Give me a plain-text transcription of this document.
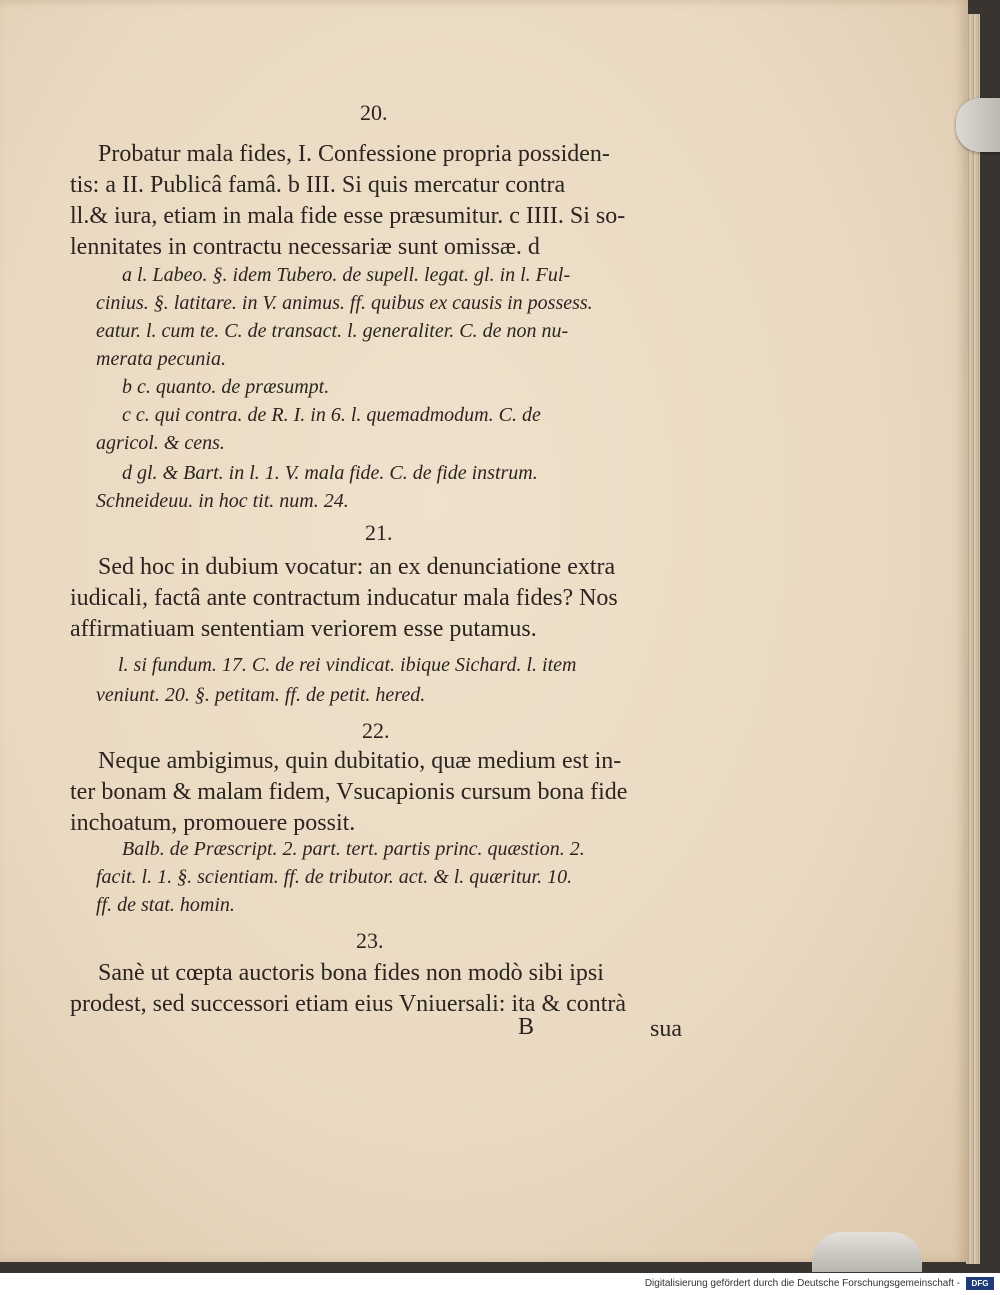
20.
Probatur mala fides, I. Confessione propria possiden-
tis: a II. Publicâ famâ. b III. Si quis mercatur contra
ll.& iura, etiam in mala fide esse præsumitur. c IIII. Si so-
lennitates in contractu necessariæ sunt omissæ. d
a l. Labeo. §. idem Tubero. de supell. legat. gl. in l. Ful-
cinius. §. latitare. in V. animus. ff. quibus ex causis in possess.
eatur. l. cum te. C. de transact. l. generaliter. C. de non nu-
merata pecunia.
b c. quanto. de præsumpt.
c c. qui contra. de R. I. in 6. l. quemadmodum. C. de
agricol. & cens.
d gl. & Bart. in l. 1. V. mala fide. C. de fide instrum.
Schneideuu. in hoc tit. num. 24.
21.
Sed hoc in dubium vocatur: an ex denunciatione extra
iudicali, factâ ante contractum inducatur mala fides? Nos
affirmatiuam sententiam veriorem esse putamus.
l. si fundum. 17. C. de rei vindicat. ibique Sichard. l. item
veniunt. 20. §. petitam. ff. de petit. hered.
22.
Neque ambigimus, quin dubitatio, quæ medium est in-
ter bonam & malam fidem, Vsucapionis cursum bona fide
inchoatum, promouere possit.
Balb. de Præscript. 2. part. tert. partis princ. quæstion. 2.
facit. l. 1. §. scientiam. ff. de tributor. act. & l. quæritur. 10.
ff. de stat. homin.
23.
Sanè ut cœpta auctoris bona fides non modò sibi ipsi
prodest, sed successori etiam eius Vniuersali: ita & contrà
B	sua
Digitalisierung gefördert durch die Deutsche Forschungsgemeinschaft -	DFG
